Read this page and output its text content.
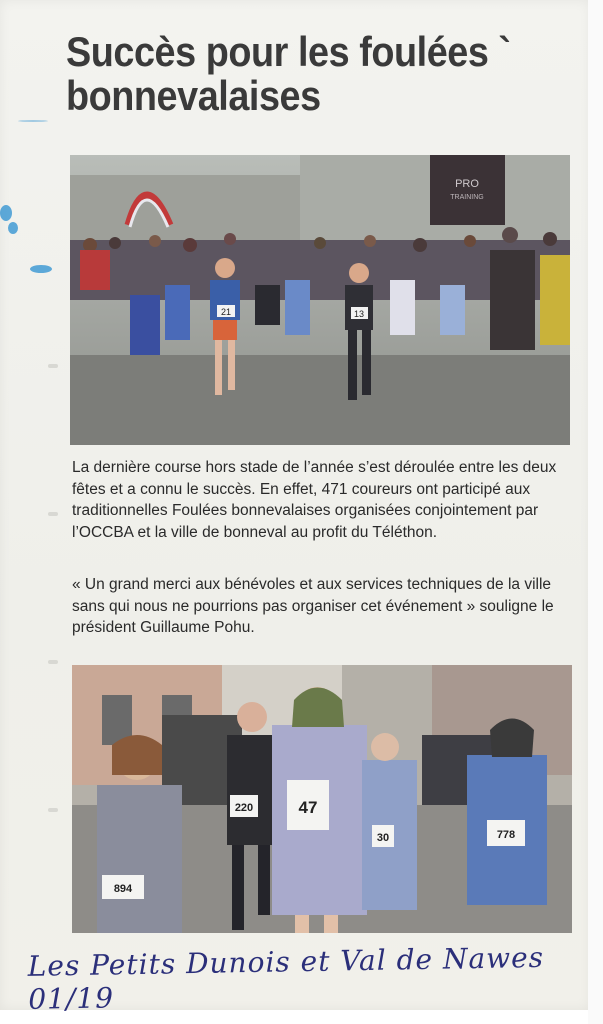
Succès pour les foulées `
bonnevalaises
PRO
TRAINING
21	13

La dernière course hors stade de l’année s’est déroulée entre les deux fêtes et a connu le succès. En effet, 471 coureurs ont participé aux traditionnelles Foulées bonnevalaises organisées conjointement par l’OCCBA et la ville de bonneval au profit du Téléthon.

« Un grand merci aux bénévoles et aux services techniques de la ville sans qui nous ne pourrions pas organiser cet événement » souligne le président Guillaume Pohu.

894
220	47
30	778
Les Petits Dunois et Val de Nawes 01/19
